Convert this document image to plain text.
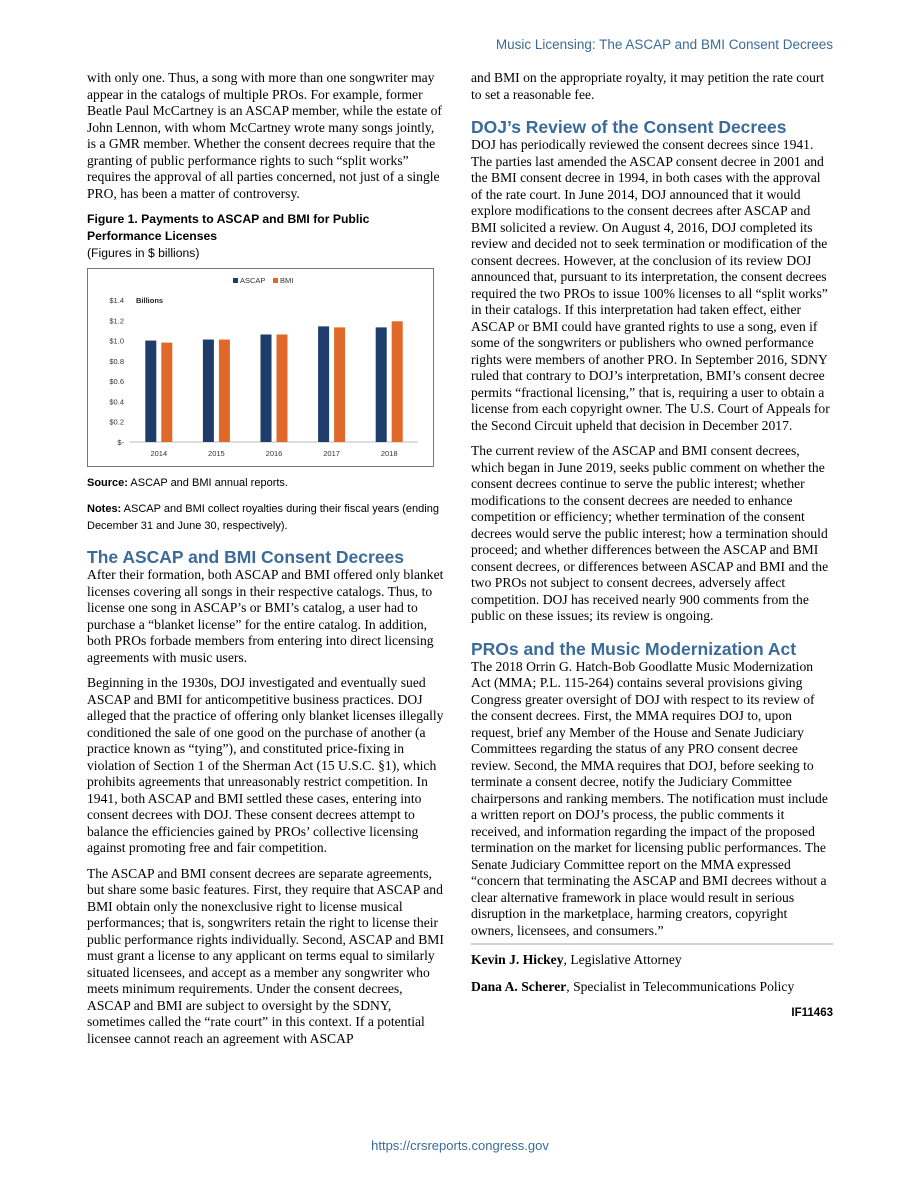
Music Licensing: The ASCAP and BMI Consent Decrees

with only one. Thus, a song with more than one songwriter may appear in the catalogs of multiple PROs. For example, former Beatle Paul McCartney is an ASCAP member, while the estate of John Lennon, with whom McCartney wrote many songs jointly, is a GMR member. Whether the consent decrees require that the granting of public performance rights to such “split works” requires the approval of all parties concerned, not just of a single PRO, has been a matter of controversy.

Figure 1. Payments to ASCAP and BMI for Public Performance Licenses
(Figures in $ billions)
ASCAP BMI
Billions
$-
$0.2
$0.4
$0.6
$0.8
$1.0
$1.2
$1.4
2014	2015	2016	2017	2018

Source: ASCAP and BMI annual reports.

Notes: ASCAP and BMI collect royalties during their fiscal years (ending December 31 and June 30, respectively).

The ASCAP and BMI Consent Decrees

After their formation, both ASCAP and BMI offered only blanket licenses covering all songs in their respective catalogs. Thus, to license one song in ASCAP’s or BMI’s catalog, a user had to purchase a “blanket license” for the entire catalog. In addition, both PROs forbade members from entering into direct licensing agreements with music users.

Beginning in the 1930s, DOJ investigated and eventually sued ASCAP and BMI for anticompetitive business practices. DOJ alleged that the practice of offering only blanket licenses illegally conditioned the sale of one good on the purchase of another (a practice known as “tying”), and constituted price-fixing in violation of Section 1 of the Sherman Act (15 U.S.C. §1), which prohibits agreements that unreasonably restrict competition. In 1941, both ASCAP and BMI settled these cases, entering into consent decrees with DOJ. These consent decrees attempt to balance the efficiencies gained by PROs’ collective licensing against promoting free and fair competition.

The ASCAP and BMI consent decrees are separate agreements, but share some basic features. First, they require that ASCAP and BMI obtain only the nonexclusive right to license musical performances; that is, songwriters retain the right to license their public performance rights individually. Second, ASCAP and BMI must grant a license to any applicant on terms equal to similarly situated licensees, and accept as a member any songwriter who meets minimum requirements. Under the consent decrees, ASCAP and BMI are subject to oversight by the SDNY, sometimes called the “rate court” in this context. If a potential licensee cannot reach an agreement with ASCAP

and BMI on the appropriate royalty, it may petition the rate court to set a reasonable fee.

DOJ’s Review of the Consent Decrees

DOJ has periodically reviewed the consent decrees since 1941. The parties last amended the ASCAP consent decree in 2001 and the BMI consent decree in 1994, in both cases with the approval of the rate court. In June 2014, DOJ announced that it would explore modifications to the consent decrees after ASCAP and BMI solicited a review. On August 4, 2016, DOJ completed its review and decided not to seek termination or modification of the consent decrees. However, at the conclusion of its review DOJ announced that, pursuant to its interpretation, the consent decrees required the two PROs to issue 100% licenses to all “split works” in their catalogs. If this interpretation had taken effect, either ASCAP or BMI could have granted rights to use a song, even if some of the songwriters or publishers who owned performance rights were members of another PRO. In September 2016, SDNY ruled that contrary to DOJ’s interpretation, BMI’s consent decree permits “fractional licensing,” that is, requiring a user to obtain a license from each copyright owner. The U.S. Court of Appeals for the Second Circuit upheld that decision in December 2017.

The current review of the ASCAP and BMI consent decrees, which began in June 2019, seeks public comment on whether the consent decrees continue to serve the public interest; whether modifications to the consent decrees are needed to enhance competition or efficiency; whether termination of the consent decrees would serve the public interest; how a termination should proceed; and whether differences between the ASCAP and BMI consent decrees, or differences between ASCAP and BMI and the two PROs not subject to consent decrees, adversely affect competition. DOJ has received nearly 900 comments from the public on these issues; its review is ongoing.

PROs and the Music Modernization Act

The 2018 Orrin G. Hatch-Bob Goodlatte Music Modernization Act (MMA; P.L. 115-264) contains several provisions giving Congress greater oversight of DOJ with respect to its review of the consent decrees. First, the MMA requires DOJ to, upon request, brief any Member of the House and Senate Judiciary Committees regarding the status of any PRO consent decree review. Second, the MMA requires that DOJ, before seeking to terminate a consent decree, notify the Judiciary Committee chairpersons and ranking members. The notification must include a written report on DOJ’s process, the public comments it received, and information regarding the impact of the proposed termination on the market for licensing public performances. The Senate Judiciary Committee report on the MMA expressed “concern that terminating the ASCAP and BMI decrees without a clear alternative framework in place would result in serious disruption in the marketplace, harming creators, copyright owners, licensees, and consumers.”

Kevin J. Hickey, Legislative Attorney

Dana A. Scherer, Specialist in Telecommunications Policy

IF11463

https://crsreports.congress.gov
